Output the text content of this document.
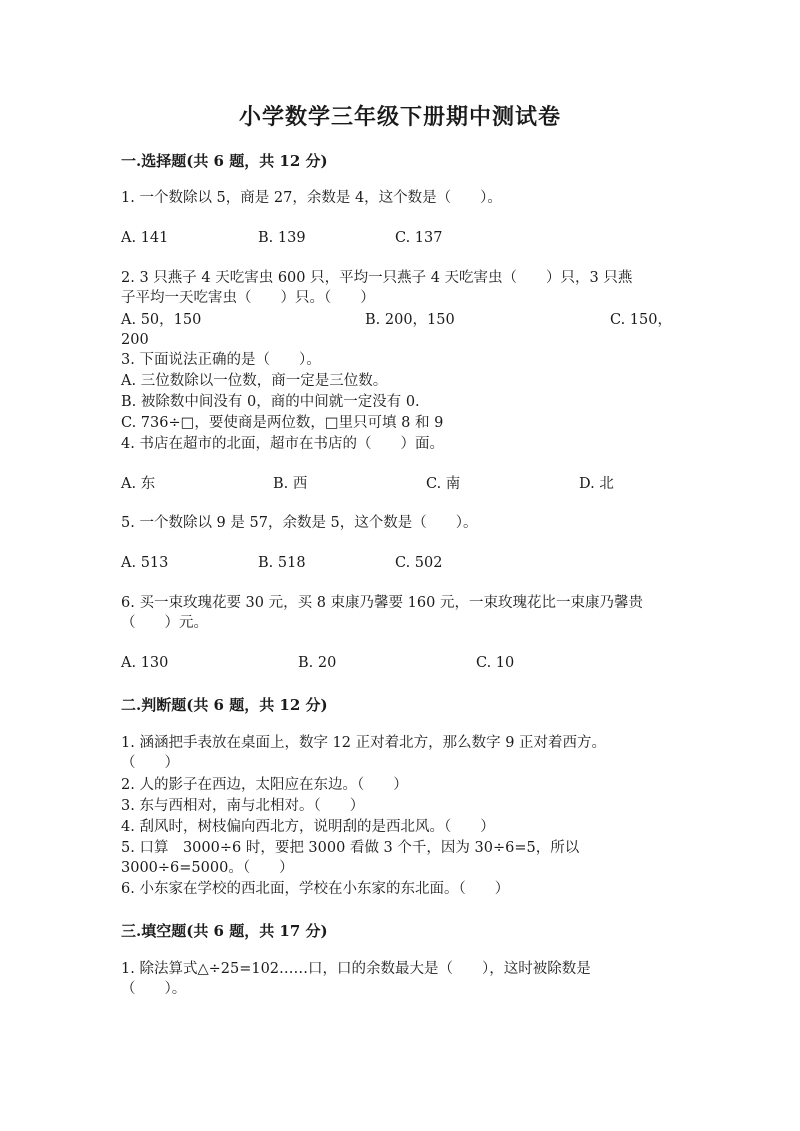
小学数学三年级下册期中测试卷
一.选择题(共 6 题，共 12 分)
1. 一个数除以 5，商是 27，余数是 4，这个数是（　　）。
A. 141	B. 139	C. 137
2. 3 只燕子 4 天吃害虫 600 只，平均一只燕子 4 天吃害虫（　　）只，3 只燕
子平均一天吃害虫（　　）只。（　　）
A. 50，150	B. 200，150	C. 150，
200
3. 下面说法正确的是（　　）。
A. 三位数除以一位数，商一定是三位数。
B. 被除数中间没有 0，商的中间就一定没有 0.
C. 736÷□，要使商是两位数，□里只可填 8 和 9
4. 书店在超市的北面，超市在书店的（　　）面。
A. 东	B. 西	C. 南	D. 北
5. 一个数除以 9 是 57，余数是 5，这个数是（　　）。
A. 513	B. 518	C. 502
6. 买一束玫瑰花要 30 元，买 8 束康乃馨要 160 元，一束玫瑰花比一束康乃馨贵
（　　）元。
A. 130	B. 20	C. 10
二.判断题(共 6 题，共 12 分)
1. 涵涵把手表放在桌面上，数字 12 正对着北方，那么数字 9 正对着西方。
（　　）
2. 人的影子在西边，太阳应在东边。（　　）
3. 东与西相对，南与北相对。（　　）
4. 刮风时，树枝偏向西北方，说明刮的是西北风。（　　）
5. 口算　3000÷6 时，要把 3000 看做 3 个千，因为 30÷6=5，所以
3000÷6=5000。（　　）
6. 小东家在学校的西北面，学校在小东家的东北面。（　　）
三.填空题(共 6 题，共 17 分)
1. 除法算式△÷25=102……口，口的余数最大是（　　），这时被除数是
（　　）。
